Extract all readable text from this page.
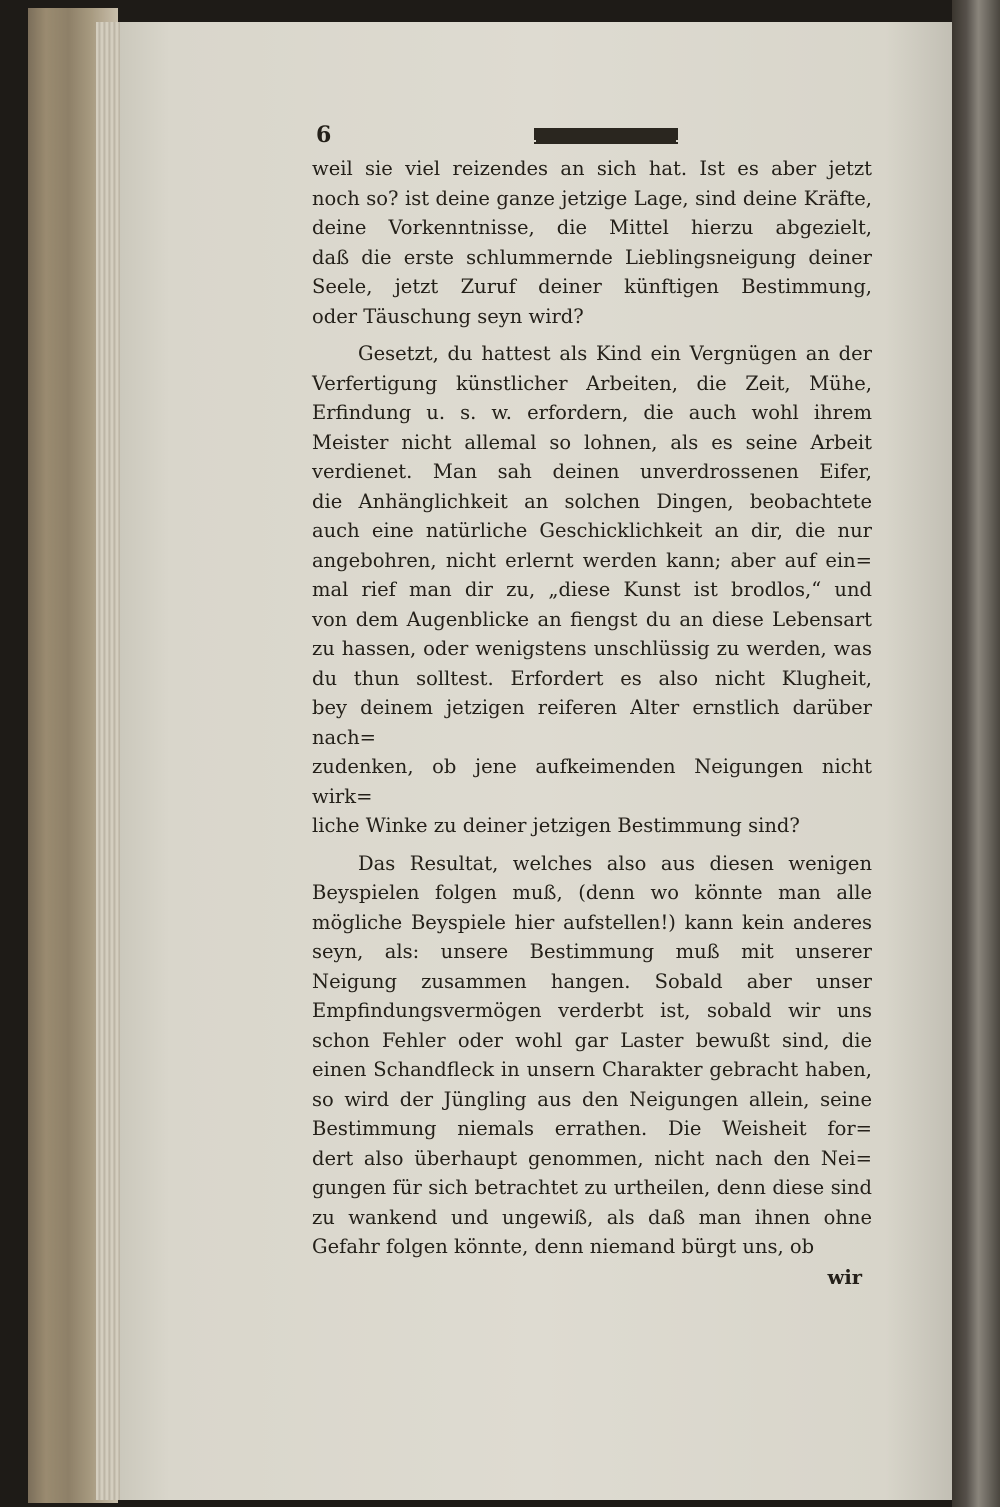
6

weil sie viel reizendes an sich hat. Ist es aber jetzt
noch so? ist deine ganze jetzige Lage, sind deine Kräfte,
deine Vorkenntnisse, die Mittel hierzu abgezielt,
daß die erste schlummernde Lieblingsneigung deiner
Seele, jetzt Zuruf deiner künftigen Bestimmung,
oder Täuschung seyn wird?

Gesetzt, du hattest als Kind ein Vergnügen an der
Verfertigung künstlicher Arbeiten, die Zeit, Mühe,
Erfindung u. s. w. erfordern, die auch wohl ihrem
Meister nicht allemal so lohnen, als es seine Arbeit
verdienet. Man sah deinen unverdrossenen Eifer,
die Anhänglichkeit an solchen Dingen, beobachtete
auch eine natürliche Geschicklichkeit an dir, die nur
angebohren, nicht erlernt werden kann; aber auf ein=
mal rief man dir zu, „diese Kunst ist brodlos,“ und
von dem Augenblicke an fiengst du an diese Lebensart
zu hassen, oder wenigstens unschlüssig zu werden, was
du thun solltest. Erfordert es also nicht Klugheit,
bey deinem jetzigen reiferen Alter ernstlich darüber nach=
zudenken, ob jene aufkeimenden Neigungen nicht wirk=
liche Winke zu deiner jetzigen Bestimmung sind?

Das Resultat, welches also aus diesen wenigen
Beyspielen folgen muß, (denn wo könnte man alle
mögliche Beyspiele hier aufstellen!) kann kein anderes
seyn, als: unsere Bestimmung muß mit unserer
Neigung zusammen hangen. Sobald aber unser
Empfindungsvermögen verderbt ist, sobald wir uns
schon Fehler oder wohl gar Laster bewußt sind, die
einen Schandfleck in unsern Charakter gebracht haben,
so wird der Jüngling aus den Neigungen allein, seine
Bestimmung niemals errathen. Die Weisheit for=
dert also überhaupt genommen, nicht nach den Nei=
gungen für sich betrachtet zu urtheilen, denn diese sind
zu wankend und ungewiß, als daß man ihnen ohne
Gefahr folgen könnte, denn niemand bürgt uns, ob

wir
